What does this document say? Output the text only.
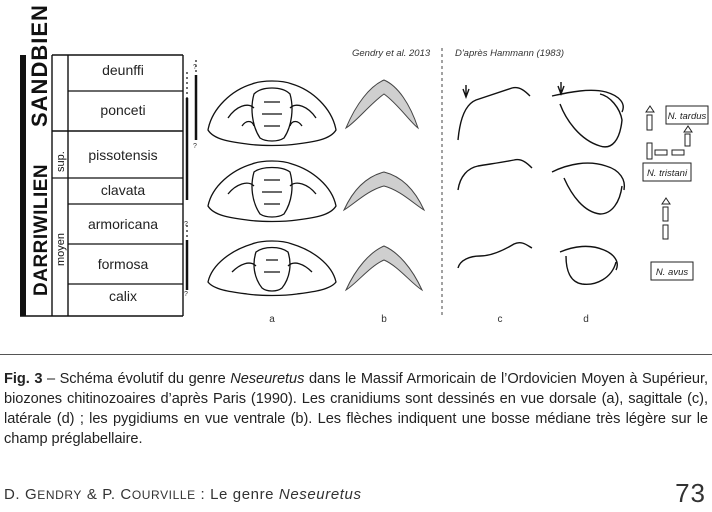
SANDBIEN
DARRIWILIEN
sup.
moyen
deunffi
ponceti
pissotensis
clavata
armoricana
formosa
calix
?
?
?
?
Gendry et al. 2013	D'après Hammann (1983)
a	b	c	d
N. tardus
N. tristani
N. avus
Fig. 3 – Schéma évolutif du genre Neseuretus dans le Massif Armoricain de l’Ordovicien Moyen à Supérieur, biozones chitinozoaires d’après Paris (1990). Les cranidiums sont dessinés en vue dorsale (a), sagittale (c), latérale (d) ; les pygidiums en vue ventrale (b). Les flèches indiquent une bosse médiane très légère sur le champ préglabellaire.
D. GENDRY & P. COURVILLE : Le genre Neseuretus	73
